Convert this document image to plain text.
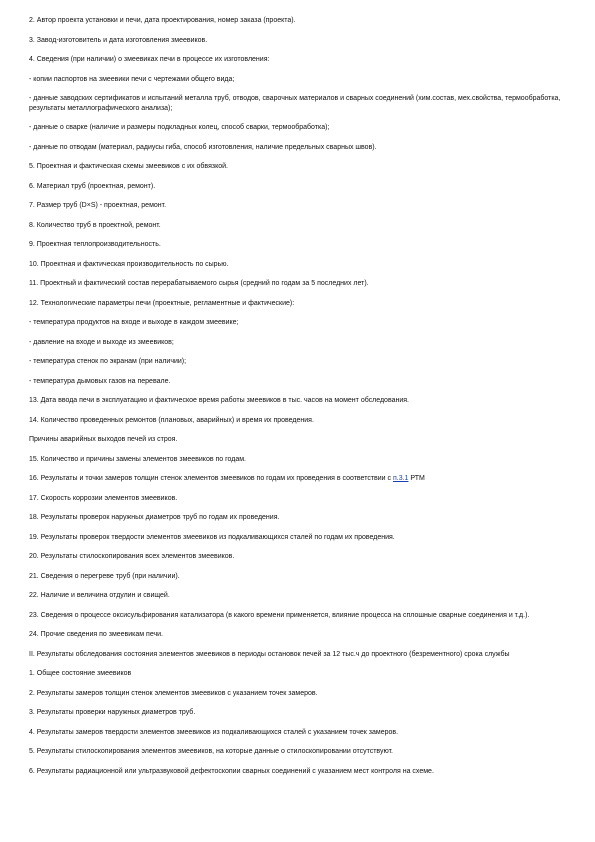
2. Автор проекта установки и печи, дата проектирования, номер заказа (проекта).

3. Завод-изготовитель и дата изготовления змеевиков.

4. Сведения (при наличии) о змеевиках печи в процессе их изготовления:

- копии паспортов на змеевики печи с чертежами общего вида;

- данные заводских сертификатов и испытаний металла труб, отводов, сварочных материалов и сварных соединений (хим.состав, мех.свойства, термообработка, результаты металлографического анализа);

- данные о сварке (наличие и размеры подкладных колец, способ сварки, термообработка);

- данные по отводам (материал, радиусы гиба, способ изготовления, наличие предельных сварных швов).

5. Проектная и фактическая схемы змеевиков с их обвязкой.

6. Материал труб (проектная, ремонт).

7. Размер труб (D×S) - проектная, ремонт.

8. Количество труб в проектной, ремонт.

9. Проектная теплопроизводительность.

10. Проектная и фактическая производительность по сырью.

11. Проектный и фактический состав перерабатываемого сырья (средний по годам за 5 последних лет).

12. Технологические параметры печи (проектные, регламентные и фактические):

- температура продуктов на входе и выходе в каждом змеевике;

- давление на входе и выходе из змеевиков;

- температура стенок по экранам (при наличии);

- температура дымовых газов на перевале.

13. Дата ввода печи в эксплуатацию и фактическое время работы змеевиков в тыс. часов на момент обследования.

14. Количество проведенных ремонтов (плановых, аварийных) и время их проведения.

Причины аварийных выходов печей из строя.

15. Количество и причины замены элементов змеевиков по годам.

16. Результаты и точки замеров толщин стенок элементов змеевиков по годам их проведения в соответствии с п.3.1 РТМ

17. Скорость коррозии элементов змеевиков.

18. Результаты проверок наружных диаметров труб по годам их проведения.

19. Результаты проверок твердости элементов змеевиков из подкаливающихся сталей по годам их проведения.

20. Результаты стилоскопирования всех элементов змеевиков.

21. Сведения о перегреве труб (при наличии).

22. Наличие и величина отдулин и свищей.

23. Сведения о процессе оксисульфирования катализатора (в какого времени применяется, влияние процесса на сплошные сварные соединения и т.д.).

24. Прочие сведения по змеевикам печи.

II. Результаты обследования состояния элементов змеевиков в периоды остановок печей за 12 тыс.ч до проектного (безрементного) срока службы

1. Общее состояние змеевиков

2. Результаты замеров толщин стенок элементов змеевиков с указанием точек замеров.

3. Результаты проверки наружных диаметров труб.

4. Результаты замеров твердости элементов змеевиков из подкаливающихся сталей с указанием точек замеров.

5. Результаты стилоскопирования элементов змеевиков, на которые данные о стилоскопировании отсутствуют.

6. Результаты радиационной или ультразвуковой дефектоскопии сварных соединений с указанием мест контроля на схеме.
